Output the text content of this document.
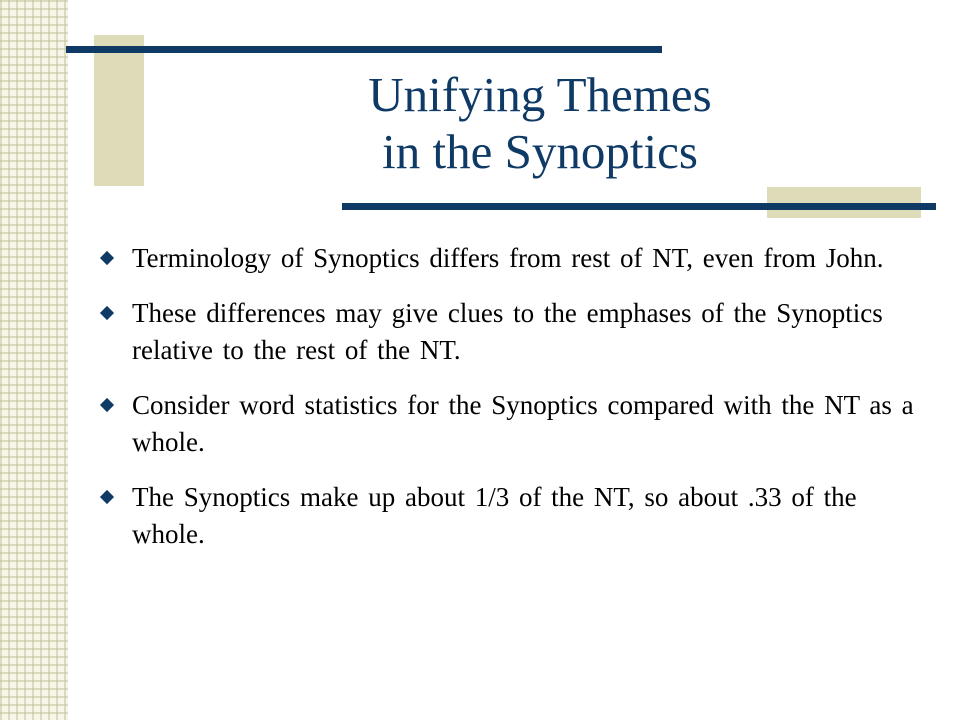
Unifying Themes
in the Synoptics
Terminology of Synoptics differs from rest of NT, even from John.
These differences may give clues to the emphases of the Synoptics relative to the rest of the NT.
Consider word statistics for the Synoptics compared with the NT as a whole.
The Synoptics make up about 1/3 of the NT, so about .33 of the whole.
